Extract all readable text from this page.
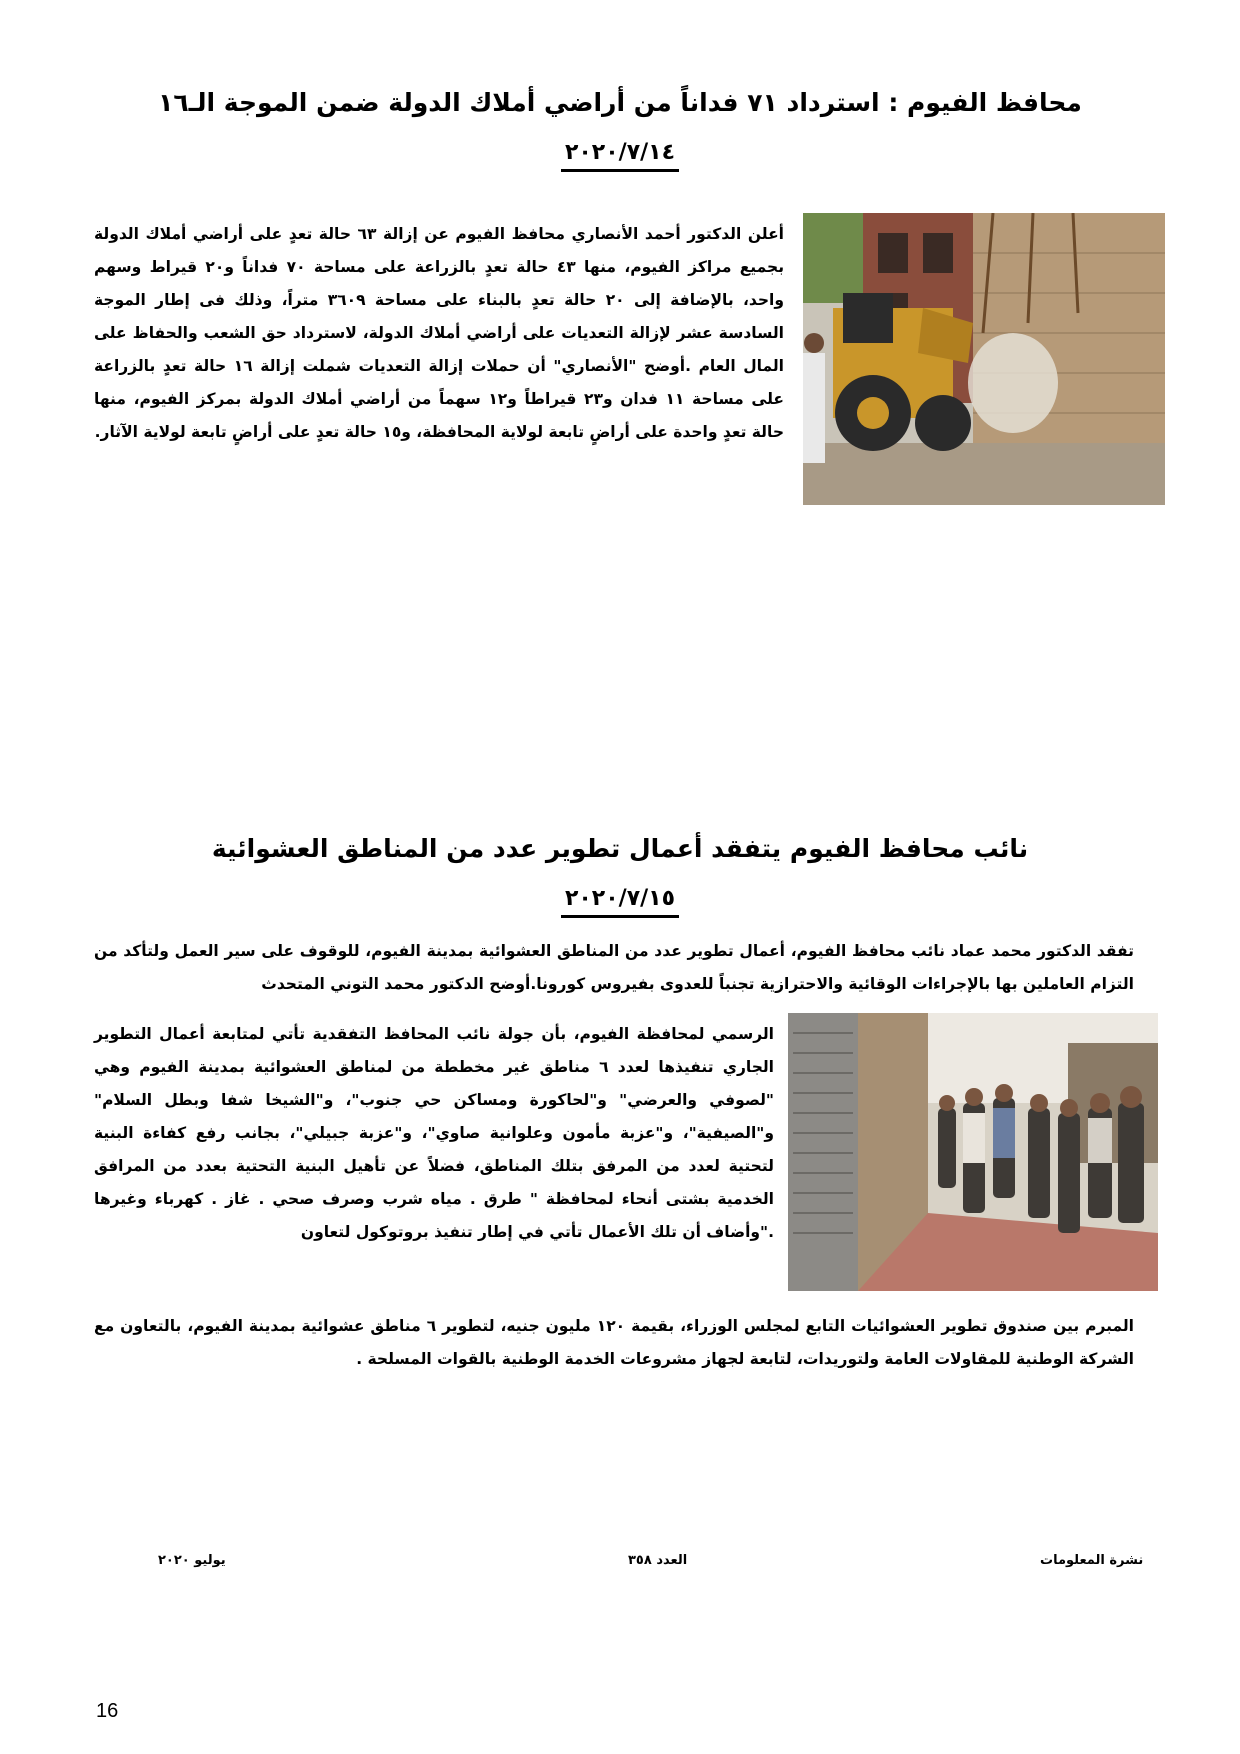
محافظ الفيوم : استرداد ٧١ فداناً من أراضي أملاك الدولة ضمن الموجة الـ١٦
٢٠٢٠/٧/١٤

أعلن الدكتور أحمد الأنصاري محافظ الفيوم عن إزالة ٦٣ حالة تعدٍ على أراضي أملاك الدولة بجميع مراكز الفيوم، منها ٤٣ حالة تعدٍ بالزراعة على مساحة ٧٠ فداناً و٢٠ قيراط وسهم واحد، بالإضافة إلى ٢٠ حالة تعدٍ بالبناء على مساحة ٣٦٠٩ متراً، وذلك فى إطار الموجة السادسة عشر لإزالة التعديات على أراضي أملاك الدولة، لاسترداد حق الشعب والحفاظ على المال العام .أوضح "الأنصاري" أن حملات إزالة التعديات شملت إزالة ١٦ حالة تعدٍ بالزراعة على مساحة ١١ فدان و٢٣ قيراطاً و١٢ سهماً من أراضي أملاك الدولة بمركز الفيوم، منها حالة تعدٍ واحدة على أراضٍ تابعة لولاية المحافظة، و١٥ حالة تعدٍ على أراضٍ تابعة لولاية الآثار.

نائب محافظ الفيوم يتفقد أعمال تطوير عدد من المناطق العشوائية
٢٠٢٠/٧/١٥

تفقد الدكتور محمد عماد نائب محافظ الفيوم، أعمال تطوير عدد من المناطق العشوائية بمدينة الفيوم، للوقوف على سير العمل ولتأكد من التزام العاملين بها بالإجراءات الوقائية والاحترازية تجنباً للعدوى بفيروس كورونا.أوضح الدكتور محمد التوني المتحدث

الرسمي لمحافظة الفيوم، بأن جولة نائب المحافظ التفقدية تأتي لمتابعة أعمال التطوير الجاري تنفيذها لعدد ٦ مناطق غير مخططة من لمناطق العشوائية بمدينة الفيوم وهي "لصوفي والعرضي" و"لحاكورة ومساكن حي جنوب"، و"الشيخا شفا وبطل السلام" و"الصيفية"، و"عزبة مأمون وعلوانية صاوي"، و"عزبة جبيلي"، بجانب رفع كفاءة البنية لتحتية لعدد من المرفق بتلك المناطق، فضلاً عن تأهيل البنية التحتية بعدد من المرافق الخدمية بشتى أنحاء لمحافظة " طرق . مياه شرب وصرف صحي . غاز . كهرباء وغيرها ."وأضاف أن تلك الأعمال تأتي في إطار تنفيذ بروتوكول لتعاون

المبرم بين صندوق تطوير العشوائيات التابع لمجلس الوزراء، بقيمة ١٢٠ مليون جنيه، لتطوير ٦ مناطق عشوائية بمدينة الفيوم، بالتعاون مع الشركة الوطنية للمقاولات العامة ولتوريدات، لتابعة لجهاز مشروعات الخدمة الوطنية بالقوات المسلحة .

نشرة المعلومات
العدد ٣٥٨
يوليو ٢٠٢٠
16
